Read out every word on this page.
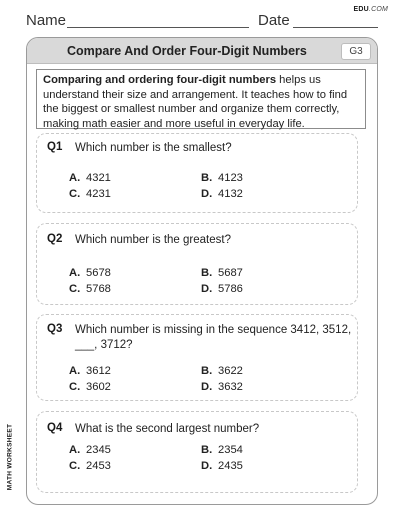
Name	Date
EDU.COM
Compare And Order Four-Digit Numbers	G3
Comparing and ordering four-digit numbers helps us understand their size and arrangement. It teaches how to find the biggest or smallest number and organize them correctly, making math easier and more useful in everyday life.
Q1 Which number is the smallest?
A. 4321	B. 4123
C. 4231	D. 4132
Q2 Which number is the greatest?
A. 5678	B. 5687
C. 5768	D. 5786
Q3 Which number is missing in the sequence 3412, 3512, ___, 3712?
A. 3612	B. 3622
C. 3602	D. 3632
Q4 What is the second largest number?
A. 2345	B. 2354
C. 2453	D. 2435
MATH WORKSHEET
